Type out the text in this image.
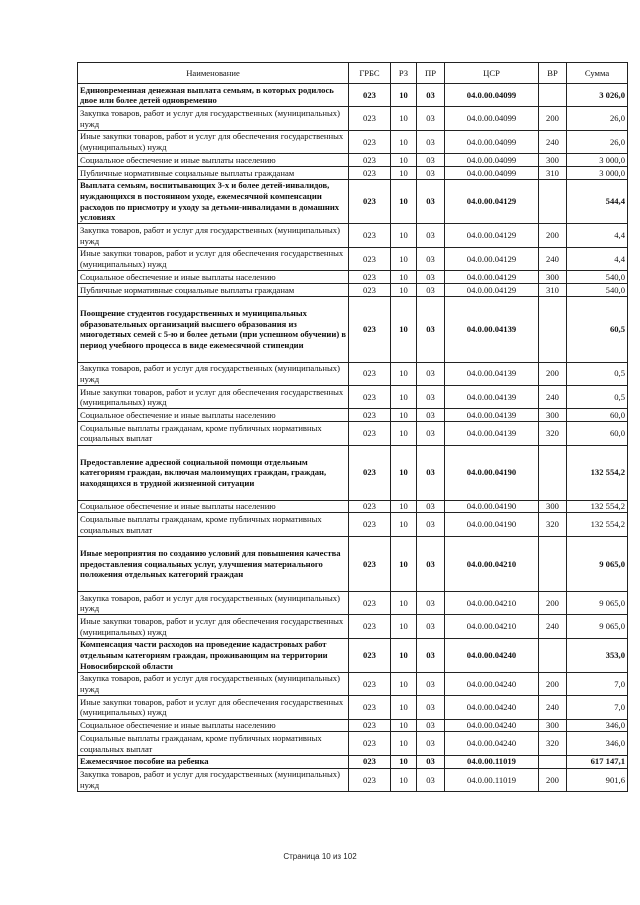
Наименование	ГРБС	РЗ	ПР	ЦСР	ВР	Сумма
Единовременная денежная выплата семьям, в которых родилось двое или более детей одновременно	023	10	03	04.0.00.04099		3 026,0
Закупка товаров, работ и услуг для государственных (муниципальных) нужд	023	10	03	04.0.00.04099	200	26,0
Иные закупки товаров, работ и услуг для обеспечения государственных (муниципальных) нужд	023	10	03	04.0.00.04099	240	26,0
Социальное обеспечение и иные выплаты населению	023	10	03	04.0.00.04099	300	3 000,0
Публичные нормативные социальные выплаты гражданам	023	10	03	04.0.00.04099	310	3 000,0
Выплата семьям, воспитывающих 3-х и более детей-инвалидов, нуждающихся в постоянном уходе, ежемесячной компенсации расходов по присмотру и уходу за детьми-инвалидами в домашних условиях	023	10	03	04.0.00.04129		544,4
Закупка товаров, работ и услуг для государственных (муниципальных) нужд	023	10	03	04.0.00.04129	200	4,4
Иные закупки товаров, работ и услуг для обеспечения государственных (муниципальных) нужд	023	10	03	04.0.00.04129	240	4,4
Социальное обеспечение и иные выплаты населению	023	10	03	04.0.00.04129	300	540,0
Публичные нормативные социальные выплаты гражданам	023	10	03	04.0.00.04129	310	540,0
Поощрение студентов государственных и муниципальных образовательных организаций высшего образования из многодетных семей с 5-ю и более детьми (при успешном обучении) в период учебного процесса в виде ежемесячной стипендии	023	10	03	04.0.00.04139		60,5
Закупка товаров, работ и услуг для государственных (муниципальных) нужд	023	10	03	04.0.00.04139	200	0,5
Иные закупки товаров, работ и услуг для обеспечения государственных (муниципальных) нужд	023	10	03	04.0.00.04139	240	0,5
Социальное обеспечение и иные выплаты населению	023	10	03	04.0.00.04139	300	60,0
Социальные выплаты гражданам, кроме публичных нормативных социальных выплат	023	10	03	04.0.00.04139	320	60,0
Предоставление адресной социальной помощи отдельным категориям граждан, включая малоимущих граждан, граждан, находящихся в трудной жизненной ситуации	023	10	03	04.0.00.04190		132 554,2
Социальное обеспечение и иные выплаты населению	023	10	03	04.0.00.04190	300	132 554,2
Социальные выплаты гражданам, кроме публичных нормативных социальных выплат	023	10	03	04.0.00.04190	320	132 554,2
Иные мероприятия по созданию условий для повышения качества предоставления социальных услуг, улучшения материального положения отдельных категорий граждан	023	10	03	04.0.00.04210		9 065,0
Закупка товаров, работ и услуг для государственных (муниципальных) нужд	023	10	03	04.0.00.04210	200	9 065,0
Иные закупки товаров, работ и услуг для обеспечения государственных (муниципальных) нужд	023	10	03	04.0.00.04210	240	9 065,0
Компенсация части расходов на проведение кадастровых работ отдельным категориям граждан, проживающим на территории Новосибирской области	023	10	03	04.0.00.04240		353,0
Закупка товаров, работ и услуг для государственных (муниципальных) нужд	023	10	03	04.0.00.04240	200	7,0
Иные закупки товаров, работ и услуг для обеспечения государственных (муниципальных) нужд	023	10	03	04.0.00.04240	240	7,0
Социальное обеспечение и иные выплаты населению	023	10	03	04.0.00.04240	300	346,0
Социальные выплаты гражданам, кроме публичных нормативных социальных выплат	023	10	03	04.0.00.04240	320	346,0
Ежемесячное пособие на ребенка	023	10	03	04.0.00.11019		617 147,1
Закупка товаров, работ и услуг для государственных (муниципальных) нужд	023	10	03	04.0.00.11019	200	901,6
Страница 10 из 102
